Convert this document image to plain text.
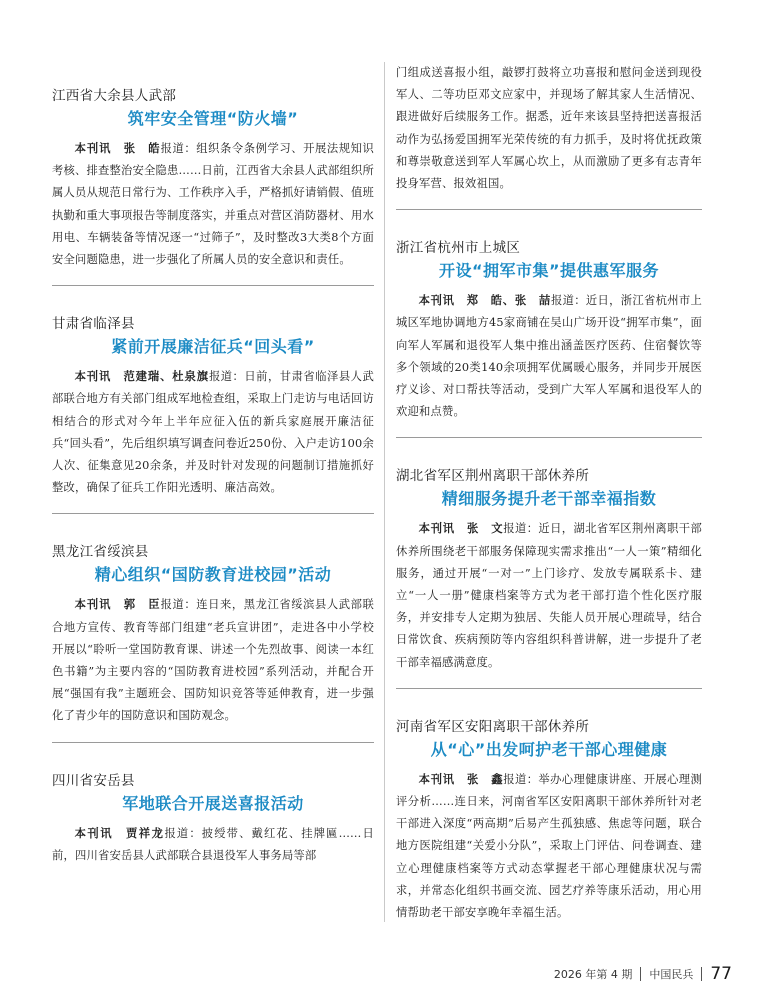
江西省大余县人武部
筑牢安全管理“防火墙”
本刊讯　张　皓报道：组织条令条例学习、开展法规知识考核、排查整治安全隐患……日前，江西省大余县人武部组织所属人员从规范日常行为、工作秩序入手，严格抓好请销假、值班执勤和重大事项报告等制度落实，并重点对营区消防器材、用水用电、车辆装备等情况逐一“过筛子”，及时整改3大类8个方面安全问题隐患，进一步强化了所属人员的安全意识和责任。
甘肃省临泽县
紧前开展廉洁征兵“回头看”
本刊讯　范建瑞、杜泉旗报道：日前，甘肃省临泽县人武部联合地方有关部门组成军地检查组，采取上门走访与电话回访相结合的形式对今年上半年应征入伍的新兵家庭展开廉洁征兵“回头看”，先后组织填写调查问卷近250份、入户走访100余人次、征集意见20余条，并及时针对发现的问题制订措施抓好整改，确保了征兵工作阳光透明、廉洁高效。
黑龙江省绥滨县
精心组织“国防教育进校园”活动
本刊讯　郭　臣报道：连日来，黑龙江省绥滨县人武部联合地方宣传、教育等部门组建“老兵宣讲团”，走进各中小学校开展以“聆听一堂国防教育课、讲述一个先烈故事、阅读一本红色书籍”为主要内容的“国防教育进校园”系列活动，并配合开展“强国有我”主题班会、国防知识竞答等延伸教育，进一步强化了青少年的国防意识和国防观念。
四川省安岳县
军地联合开展送喜报活动
本刊讯　贾祥龙报道：披绶带、戴红花、挂牌匾……日前，四川省安岳县人武部联合县退役军人事务局等部
门组成送喜报小组，敲锣打鼓将立功喜报和慰问金送到现役军人、二等功臣邓文应家中，并现场了解其家人生活情况、跟进做好后续服务工作。据悉，近年来该县坚持把送喜报活动作为弘扬爱国拥军光荣传统的有力抓手，及时将优抚政策和尊崇敬意送到军人军属心坎上，从而激励了更多有志青年投身军营、报效祖国。
浙江省杭州市上城区
开设“拥军市集”提供惠军服务
本刊讯　郑　皓、张　喆报道：近日，浙江省杭州市上城区军地协调地方45家商铺在吴山广场开设“拥军市集”，面向军人军属和退役军人集中推出涵盖医疗医药、住宿餐饮等多个领域的20类140余项拥军优属暖心服务，并同步开展医疗义诊、对口帮扶等活动，受到广大军人军属和退役军人的欢迎和点赞。
湖北省军区荆州离职干部休养所
精细服务提升老干部幸福指数
本刊讯　张　文报道：近日，湖北省军区荆州离职干部休养所围绕老干部服务保障现实需求推出“一人一策”精细化服务，通过开展“一对一”上门诊疗、发放专属联系卡、建立“一人一册”健康档案等方式为老干部打造个性化医疗服务，并安排专人定期为独居、失能人员开展心理疏导，结合日常饮食、疾病预防等内容组织科普讲解，进一步提升了老干部幸福感满意度。
河南省军区安阳离职干部休养所
从“心”出发呵护老干部心理健康
本刊讯　张　鑫报道：举办心理健康讲座、开展心理测评分析……连日来，河南省军区安阳离职干部休养所针对老干部进入深度“两高期”后易产生孤独感、焦虑等问题，联合地方医院组建“关爱小分队”，采取上门评估、问卷调查、建立心理健康档案等方式动态掌握老干部心理健康状况与需求，并常态化组织书画交流、园艺疗养等康乐活动，用心用情帮助老干部安享晚年幸福生活。
2026 年第 4 期 中国民兵 77
